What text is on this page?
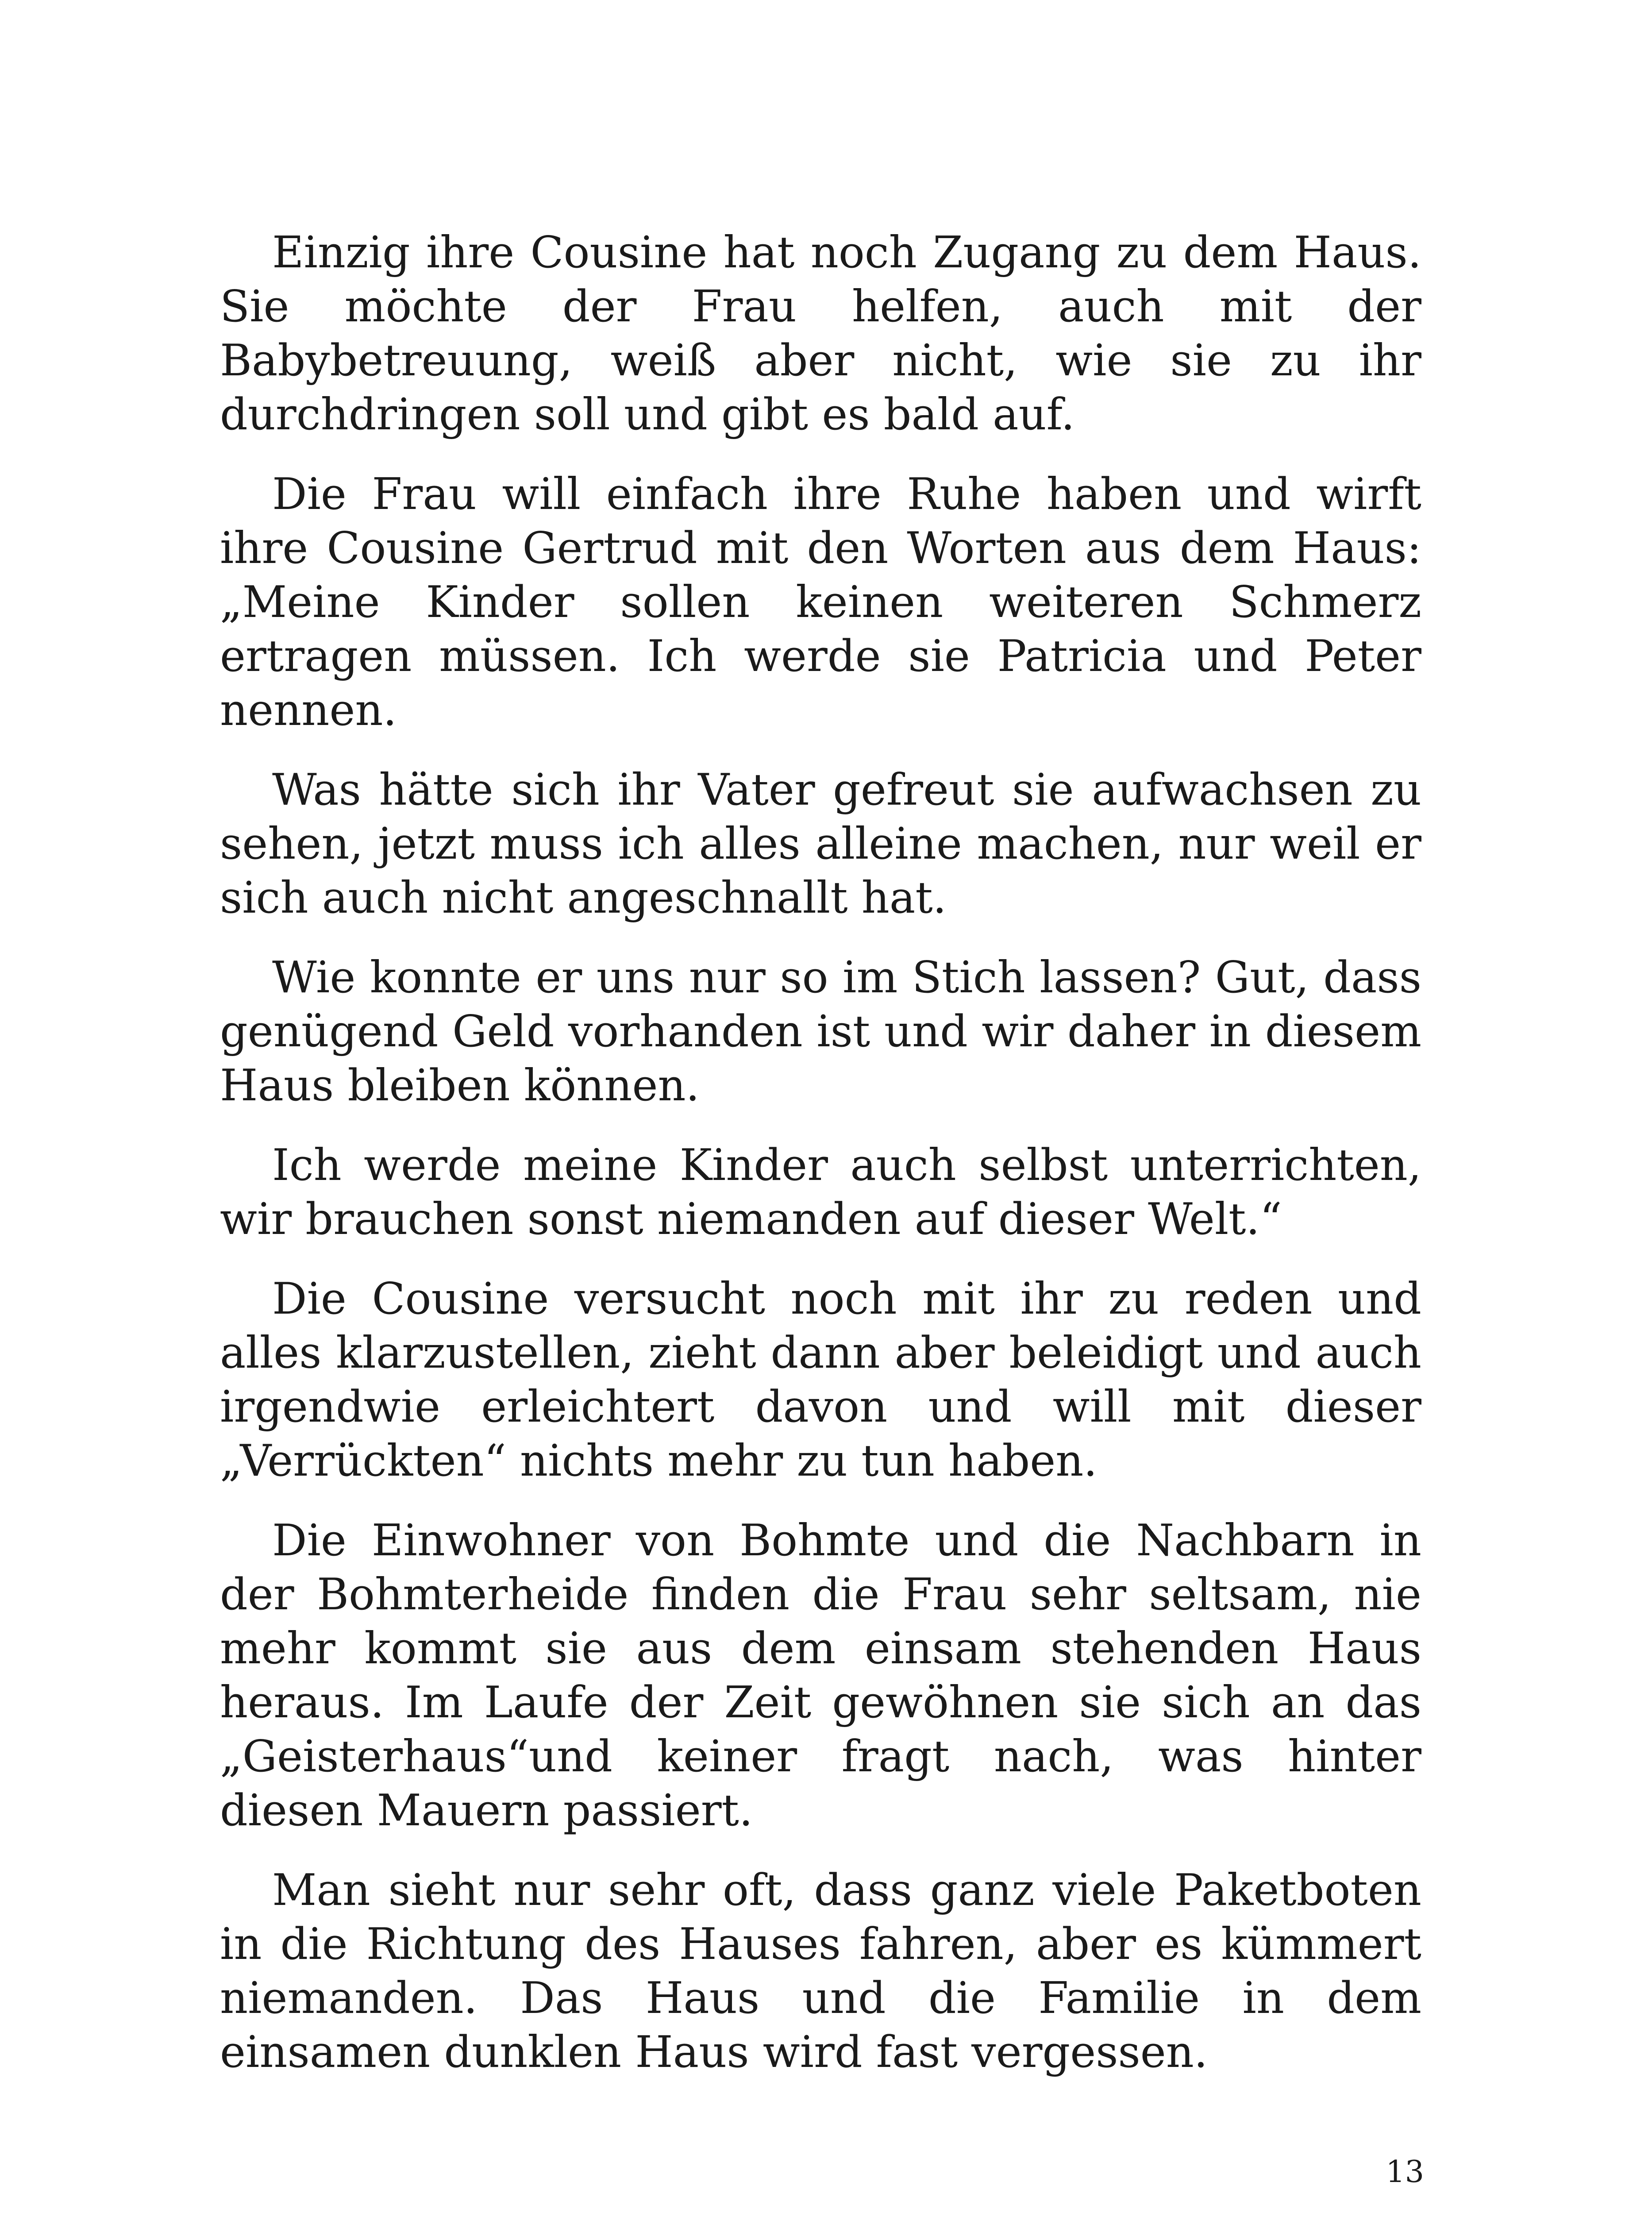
Einzig ihre Cousine hat noch Zugang zu dem Haus. Sie möchte der Frau helfen, auch mit der Babybetreuung, weiß aber nicht, wie sie zu ihr durchdringen soll und gibt es bald auf.

Die Frau will einfach ihre Ruhe haben und wirft ihre Cousine Gertrud mit den Worten aus dem Haus: „Meine Kinder sollen keinen weiteren Schmerz ertragen müssen. Ich werde sie Patricia und Peter nennen.

Was hätte sich ihr Vater gefreut sie aufwachsen zu sehen, jetzt muss ich alles alleine machen, nur weil er sich auch nicht angeschnallt hat.

Wie konnte er uns nur so im Stich lassen? Gut, dass genügend Geld vorhanden ist und wir daher in diesem Haus bleiben können.

Ich werde meine Kinder auch selbst unterrichten, wir brauchen sonst niemanden auf dieser Welt.“

Die Cousine versucht noch mit ihr zu reden und alles klarzustellen, zieht dann aber beleidigt und auch irgendwie erleichtert davon und will mit dieser „Verrückten“ nichts mehr zu tun haben.

Die Einwohner von Bohmte und die Nachbarn in der Bohmterheide finden die Frau sehr seltsam, nie mehr kommt sie aus dem einsam stehenden Haus heraus. Im Laufe der Zeit gewöhnen sie sich an das „Geisterhaus“und keiner fragt nach, was hinter diesen Mauern passiert.

Man sieht nur sehr oft, dass ganz viele Paketboten in die Richtung des Hauses fahren, aber es kümmert niemanden. Das Haus und die Familie in dem einsamen dunklen Haus wird fast vergessen.

13
